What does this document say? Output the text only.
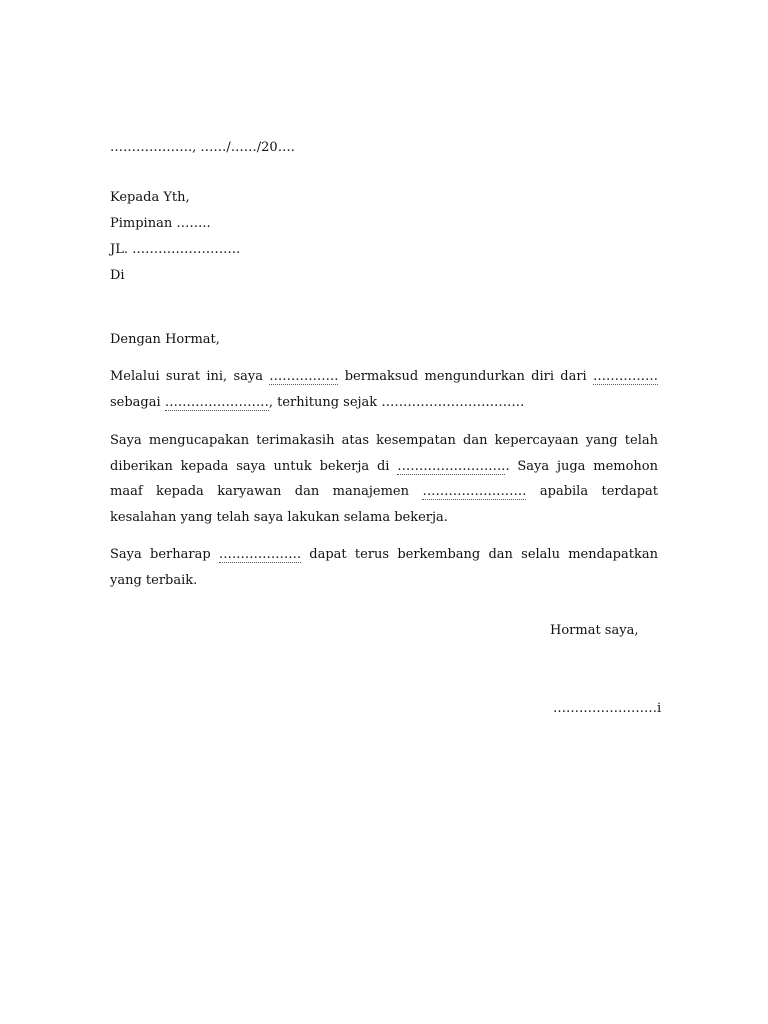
………………., ……/……/20….
Kepada Yth,
Pimpinan ……..
JL. …………………….
Di
Dengan Hormat,

Melalui surat ini, saya ……………. bermaksud mengundurkan diri dari …………… sebagai ……………………, terhitung sejak ……………………………

Saya mengucapakan terimakasih atas kesempatan dan kepercayaan yang telah diberikan kepada saya untuk bekerja di …………………….. Saya juga memohon maaf kepada karyawan dan manajemen …………………… apabila terdapat kesalahan yang telah saya lakukan selama bekerja.

Saya berharap ………………. dapat terus berkembang dan selalu mendapatkan yang terbaik.

Hormat saya,
……………………i
